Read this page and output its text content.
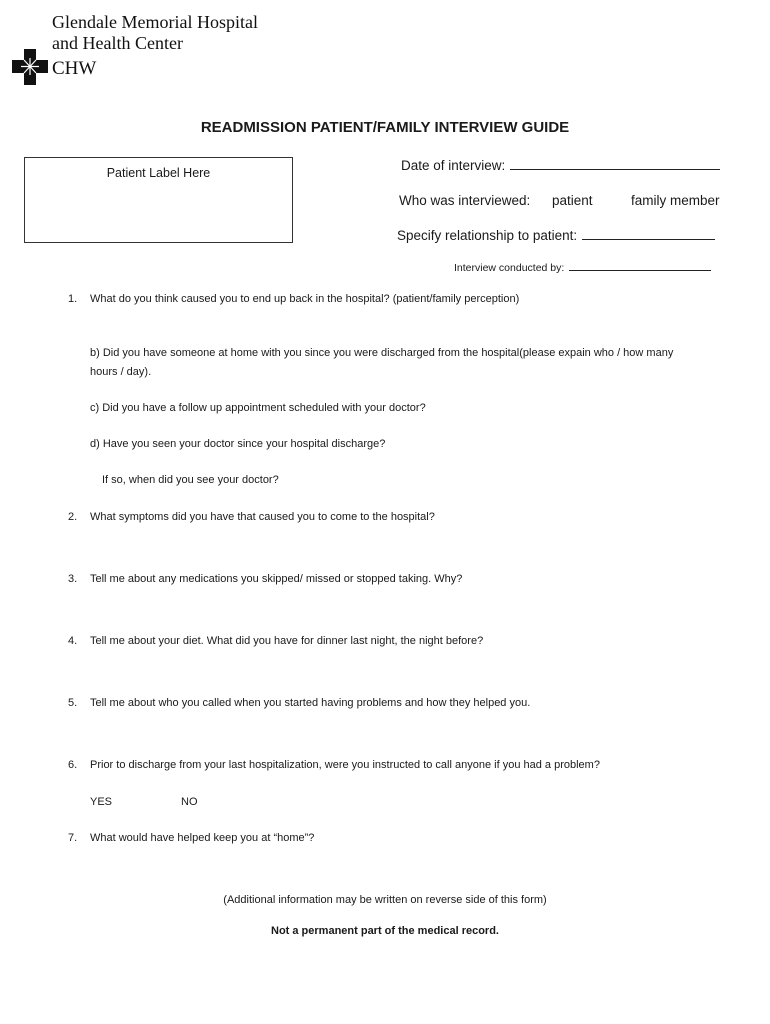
Glendale Memorial Hospital
and Health Center
CHW
READMISSION PATIENT/FAMILY INTERVIEW GUIDE
Patient Label Here	Date of interview:
Who was interviewed: patient	family member
Specify relationship to patient:
Interview conducted by:
1. What do you think caused you to end up back in the hospital? (patient/family perception)
b) Did you have someone at home with you since you were discharged from the hospital(please expain who / how many
hours / day).
c) Did you have a follow up appointment scheduled with your doctor?
d) Have you seen your doctor since your hospital discharge?
If so, when did you see your doctor?
2. What symptoms did you have that caused you to come to the hospital?
3. Tell me about any medications you skipped/ missed or stopped taking. Why?
4. Tell me about your diet. What did you have for dinner last night, the night before?
5. Tell me about who you called when you started having problems and how they helped you.
6. Prior to discharge from your last hospitalization, were you instructed to call anyone if you had a problem?
YES	NO
7. What would have helped keep you at “home”?
(Additional information may be written on reverse side of this form)
Not a permanent part of the medical record.
